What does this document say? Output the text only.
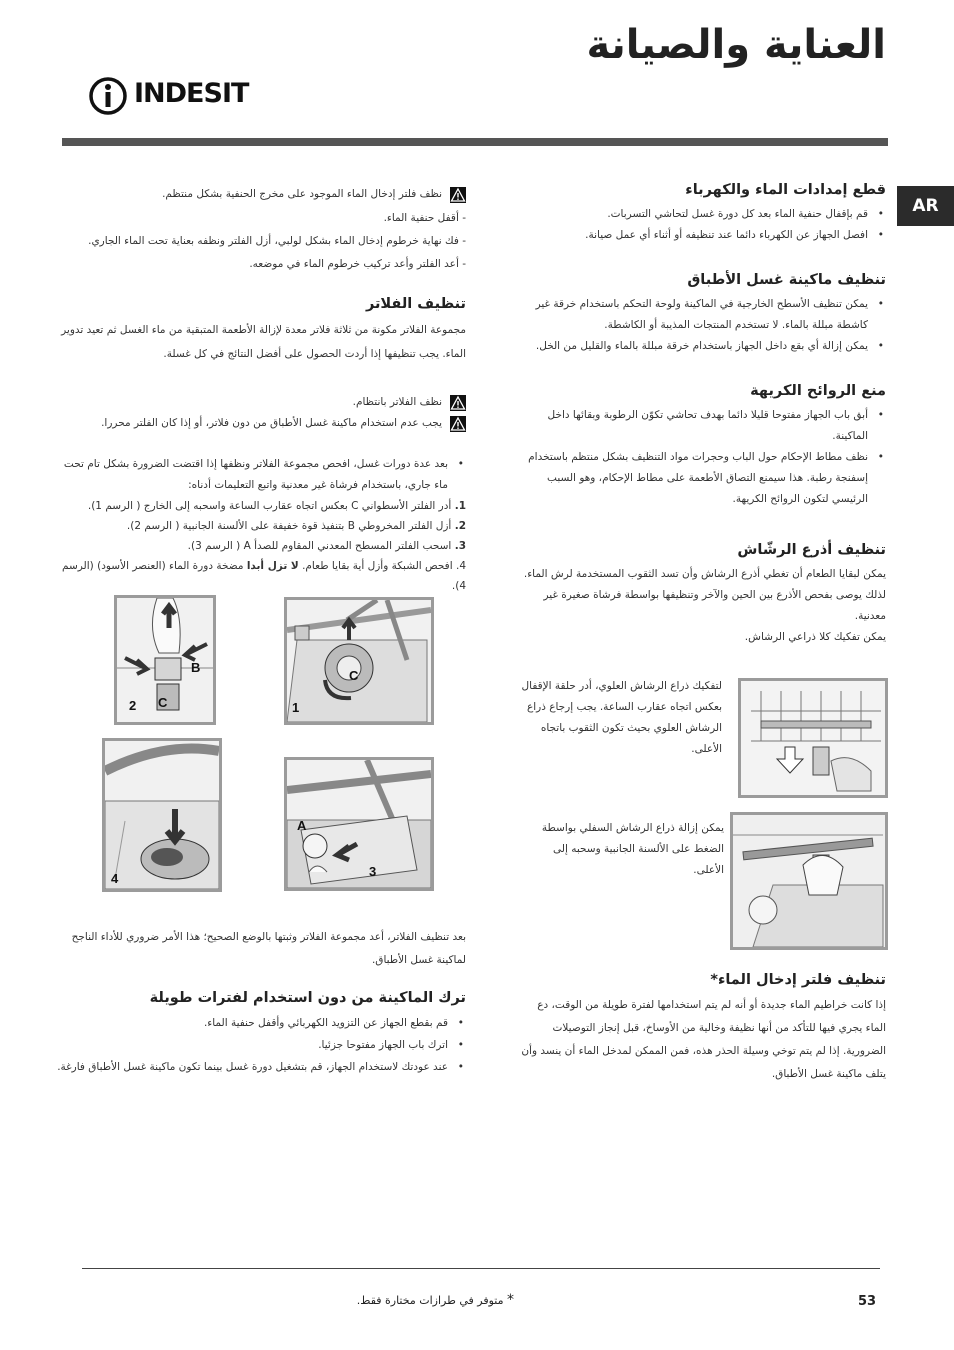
العناية والصيانة
INDESIT
AR
قطع إمدادات الماء والكهرباء
• قم بإقفال حنفية الماء بعد كل دورة غسل لتحاشي التسربات.
• افصل الجهاز عن الكهرباء دائما عند تنظيفه أو أثناء أي عمل صيانة.
تنظيف ماكينة غسل الأطباق
• يمكن تنظيف الأسطح الخارجية في الماكينة ولوحة التحكم باستخدام خرقة غير كاشطة مبللة بالماء. لا تستخدم المنتجات المذيبة أو الكاشطة.
• يمكن إزالة أي بقع داخل الجهاز باستخدام خرقة مبللة بالماء والقليل من الخل.
منع الروائح الكريهة
• أبق باب الجهاز مفتوحا قليلا دائما بهدف تحاشي تكوّن الرطوبة وبقائها داخل الماكينة.
• نظف مطاط الإحكام حول الباب وحجرات مواد التنظيف بشكل منتظم باستخدام إسفنجة رطبة. هذا سيمنع التصاق الأطعمة على مطاط الإحكام، وهو السبب الرئيسي لتكون الروائح الكريهة.
تنظيف أذرع الرشّاش
يمكن لبقايا الطعام أن تغطي أذرع الرشاش وأن تسد الثقوب المستخدمة لرش الماء. لذلك يوصى بفحص الأذرع بين الحين والآخر وتنظيفها بواسطة فرشاة صغيرة غير معدنية.
يمكن تفكيك كلا ذراعي الرشاش.
لتفكيك ذراع الرشاش العلوي، أدر حلقة الإقفال بعكس اتجاه عقارب الساعة. يجب إرجاع ذراع الرشاش العلوي بحيث تكون الثقوب باتجاه الأعلى.
يمكن إزالة ذراع الرشاش السفلي بواسطة الضغط على الألسنة الجانبية وسحبه إلى الأعلى.
تنظيف فلتر إدخال الماء*
إذا كانت خراطيم الماء جديدة أو أنه لم يتم استخدامها لفترة طويلة من الوقت، دع الماء يجري فيها للتأكد من أنها نظيفة وخالية من الأوساخ، قبل إنجاز التوصيلات الضرورية. إذا لم يتم توخي وسيلة الحذر هذه، فمن الممكن لمدخل الماء أن ينسد وأن يتلف ماكينة غسل الأطباق.
نظف فلتر إدخال الماء الموجود على مخرج الحنفية بشكل منتظم.
- أقفل حنفية الماء.
- فك نهاية خرطوم إدخال الماء بشكل لولبي، أزل الفلتر ونظفه بعناية تحت الماء الجاري.
- أعد الفلتر وأعد تركيب خرطوم الماء في موضعه.
تنظيف الفلاتر
مجموعة الفلاتر مكونة من ثلاثة فلاتر معدة لإزالة الأطعمة المتبقية من ماء الغسل ثم تعيد تدوير الماء. يجب تنظيفها إذا أردت الحصول على أفضل النتائج في كل غسلة.
نظف الفلاتر بانتظام.
يجب عدم استخدام ماكينة غسل الأطباق من دون فلاتر، أو إذا كان الفلتر محررا.
• بعد عدة دورات غسل، افحص مجموعة الفلاتر ونظفها إذا اقتضت الضرورة بشكل تام تحت ماء جاري، باستخدام فرشاة غير معدنية واتبع التعليمات أدناه:
1. أدر الفلتر الأسطواني C بعكس اتجاه عقارب الساعة واسحبه إلى الخارج ( الرسم 1).
2. أزل الفلتر المخروطي B بتنفيذ قوة خفيفة على الألسنة الجانبية ( الرسم 2).
3. اسحب الفلتر المسطح المعدني المقاوم للصدأ A ( الرسم 3).
4. افحص الشبكة وأزل أية بقايا طعام. لا تزل أبدا مضخة دورة الماء (العنصر الأسود) (الرسم 4).
B
C
2
C
1
4
A
3
بعد تنظيف الفلاتر، أعد مجموعة الفلاتر وثبتها بالوضع الصحيح؛ هذا الأمر ضروري للأداء الناجح لماكينة غسل الأطباق.
ترك الماكينة من دون استخدام لفترات طويلة
• قم بقطع الجهاز عن التزويد الكهربائي وأقفل حنفية الماء.
• اترك باب الجهاز مفتوحا جزئيا.
• عند عودتك لاستخدام الجهاز، قم بتشغيل دورة غسل بينما تكون ماكينة غسل الأطباق فارغة.
53
* متوفر في طرازات مختارة فقط.
